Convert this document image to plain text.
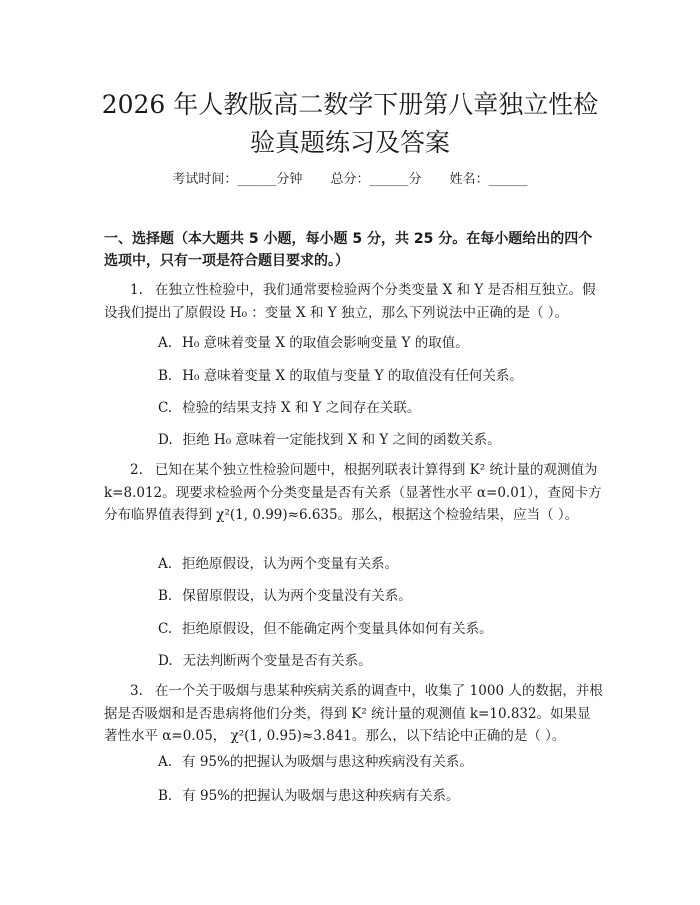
2026 年人教版高二数学下册第八章独立性检
验真题练习及答案
考试时间：______分钟 总分：______分 姓名：______
一、选择题（本大题共 5 小题，每小题 5 分，共 25 分。在每小题给出的四个选项中，只有一项是符合题目要求的。）
1. 在独立性检验中，我们通常要检验两个分类变量 X 和 Y 是否相互独立。假设我们提出了原假设 H₀ ：变量 X 和 Y 独立，那么下列说法中正确的是（ ）。
A. H₀ 意味着变量 X 的取值会影响变量 Y 的取值。
B. H₀ 意味着变量 X 的取值与变量 Y 的取值没有任何关系。
C. 检验的结果支持 X 和 Y 之间存在关联。
D. 拒绝 H₀ 意味着一定能找到 X 和 Y 之间的函数关系。
2. 已知在某个独立性检验问题中，根据列联表计算得到 K² 统计量的观测值为 k=8.012。现要求检验两个分类变量是否有关系（显著性水平 α=0.01），查阅卡方分布临界值表得到 χ²(1, 0.99)≈6.635。那么，根据这个检验结果，应当（ ）。
A. 拒绝原假设，认为两个变量有关系。
B. 保留原假设，认为两个变量没有关系。
C. 拒绝原假设，但不能确定两个变量具体如何有关系。
D. 无法判断两个变量是否有关系。
3. 在一个关于吸烟与患某种疾病关系的调查中，收集了 1000 人的数据，并根据是否吸烟和是否患病将他们分类，得到 K² 统计量的观测值 k=10.832。如果显著性水平 α=0.05， χ²(1, 0.95)≈3.841。那么，以下结论中正确的是（ ）。
A. 有 95%的把握认为吸烟与患这种疾病没有关系。
B. 有 95%的把握认为吸烟与患这种疾病有关系。
